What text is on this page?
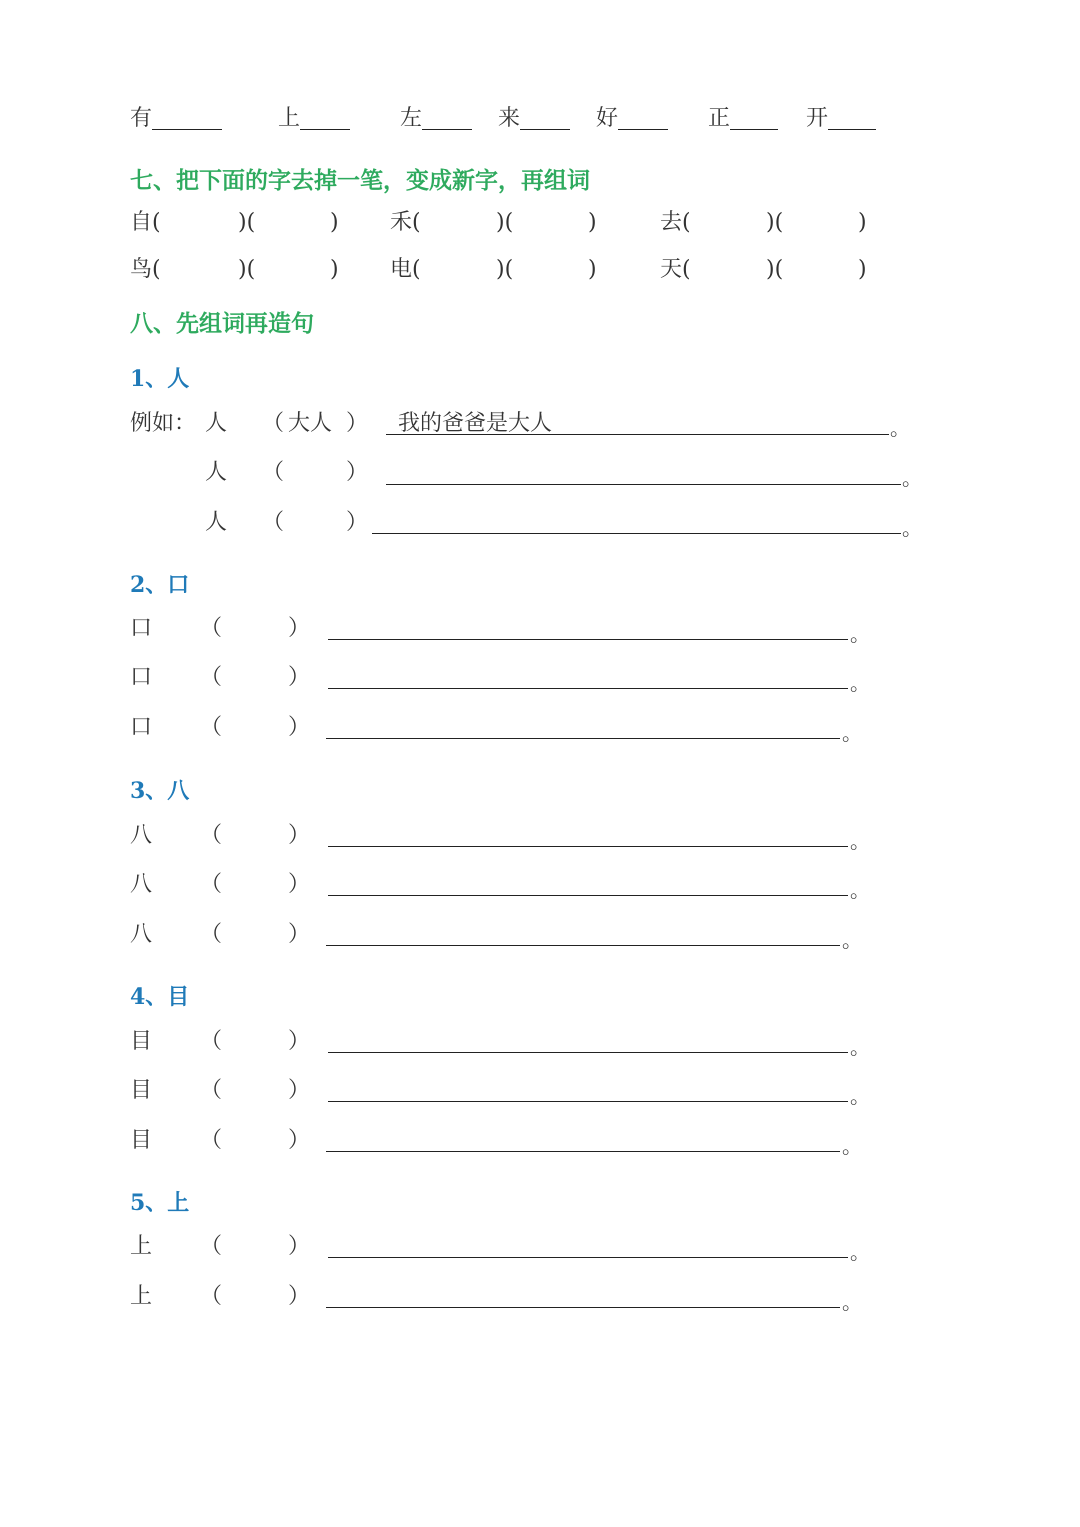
有	上	左	来	好	正	开
七、把下面的字去掉一笔，变成新字，再组词
自(	)(	) 禾(	)(	)	去(	)(	)
鸟(	)(	) 电(	)(	)	天(	)(	)
八、先组词再造句
1、人
例如： 人 （ 大人 ） 我的爸爸是大人	。
人 （	）	。
人 （	）	。
2、口
口 （	）	。
口 （	）	。
口 （	）	。
3、八
八 （	）	。
八 （	）	。
八 （	）	。
4、目
目 （	）	。
目 （	）	。
目 （	）	。
5、上
上 （	）	。
上 （	）	。
